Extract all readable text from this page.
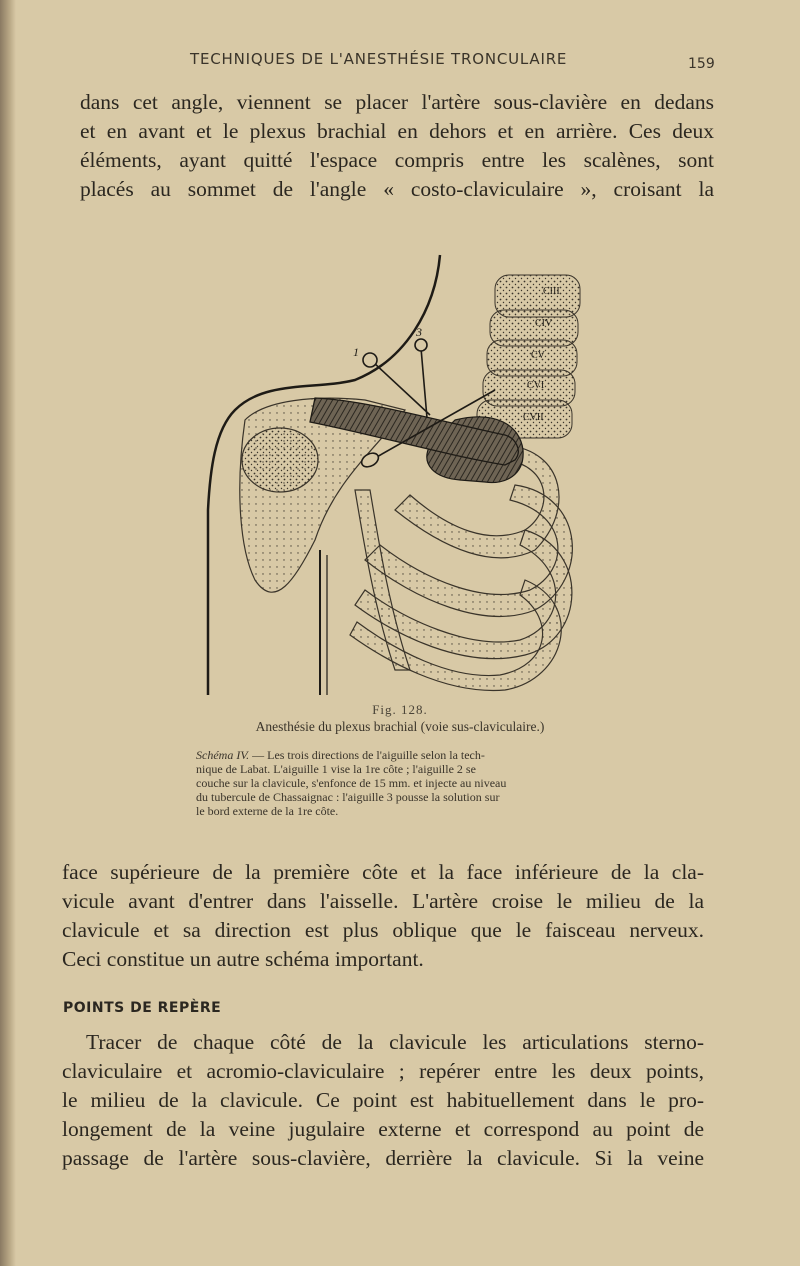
TECHNIQUES DE L'ANESTHÉSIE TRONCULAIRE	159
dans cet angle, viennent se placer l'artère sous-clavière en dedans
et en avant et le plexus brachial en dehors et en arrière. Ces deux
éléments, ayant quitté l'espace compris entre les scalènes, sont
placés au sommet de l'angle « costo-claviculaire », croisant la
CIII
CIV
CV
CVI
CVII
1
3
Fig. 128.
Anesthésie du plexus brachial (voie sus-claviculaire.)
Schéma IV. — Les trois directions de l'aiguille selon la tech-
nique de Labat. L'aiguille 1 vise la 1re côte ; l'aiguille 2 se
couche sur la clavicule, s'enfonce de 15 mm. et injecte au niveau
du tubercule de Chassaignac : l'aiguille 3 pousse la solution sur
le bord externe de la 1re côte.
face supérieure de la première côte et la face inférieure de la cla-
vicule avant d'entrer dans l'aisselle. L'artère croise le milieu de la
clavicule et sa direction est plus oblique que le faisceau nerveux.
Ceci constitue un autre schéma important.
POINTS DE REPÈRE
Tracer de chaque côté de la clavicule les articulations sterno-
claviculaire et acromio-claviculaire ; repérer entre les deux points,
le milieu de la clavicule. Ce point est habituellement dans le pro-
longement de la veine jugulaire externe et correspond au point de
passage de l'artère sous-clavière, derrière la clavicule. Si la veine
